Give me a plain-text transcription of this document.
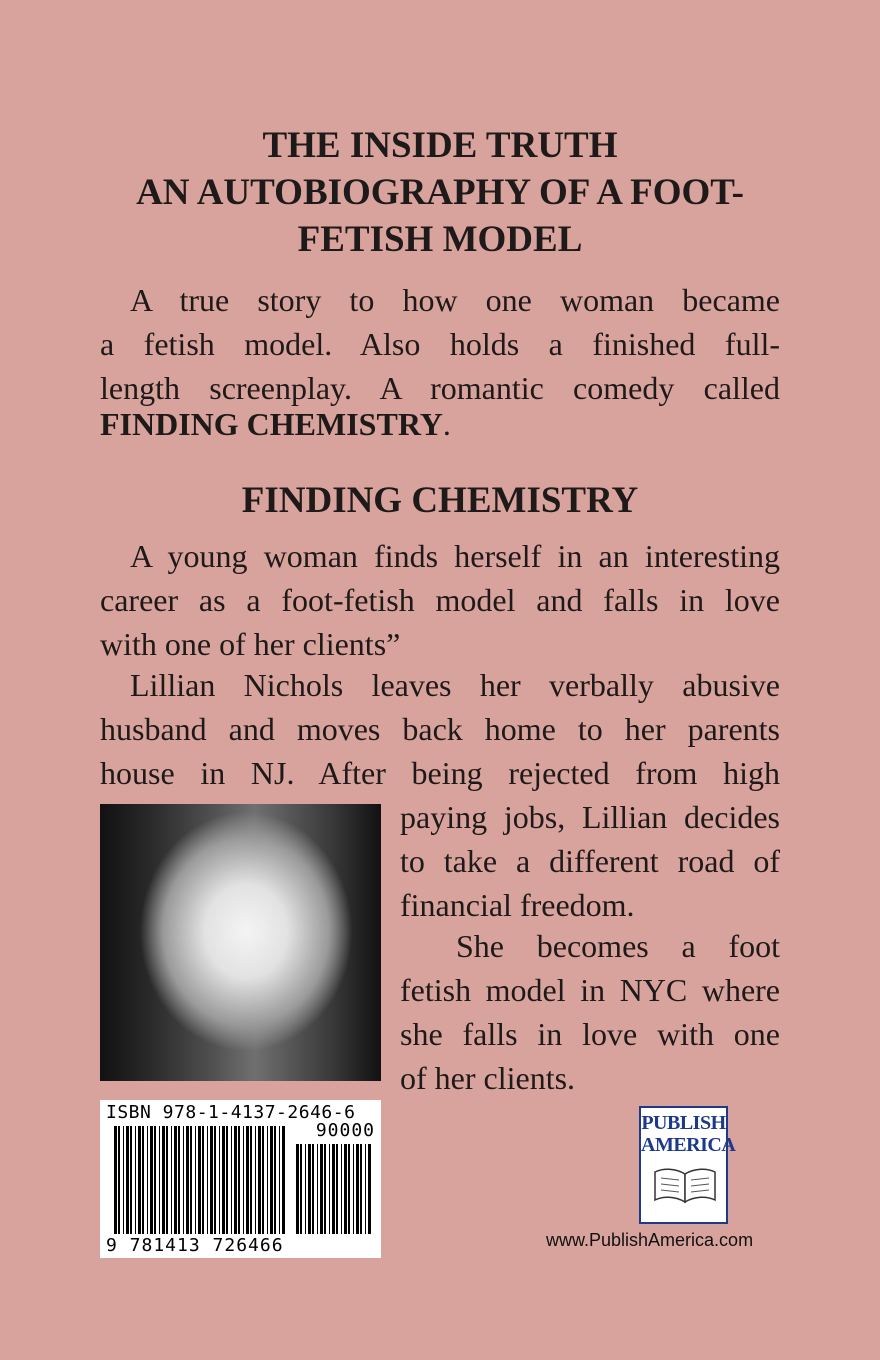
THE INSIDE TRUTH
AN AUTOBIOGRAPHY OF A FOOT-
FETISH MODEL
A true story to how one woman became
a fetish model. Also holds a finished full-
length screenplay. A romantic comedy called
FINDING CHEMISTRY.
FINDING CHEMISTRY
A young woman finds herself in an interesting
career as a foot-fetish model and falls in love
with one of her clients”
Lillian Nichols leaves her verbally abusive
husband and moves back home to her parents
house in NJ. After being rejected from high
paying jobs, Lillian decides
to take a different road of
financial freedom.
She becomes a foot
fetish model in NYC where
she falls in love with one
of her clients.
ISBN 978-1-4137-2646-6
90000
9 781413 726466
PUBLISH
AMERICA
www.PublishAmerica.com
